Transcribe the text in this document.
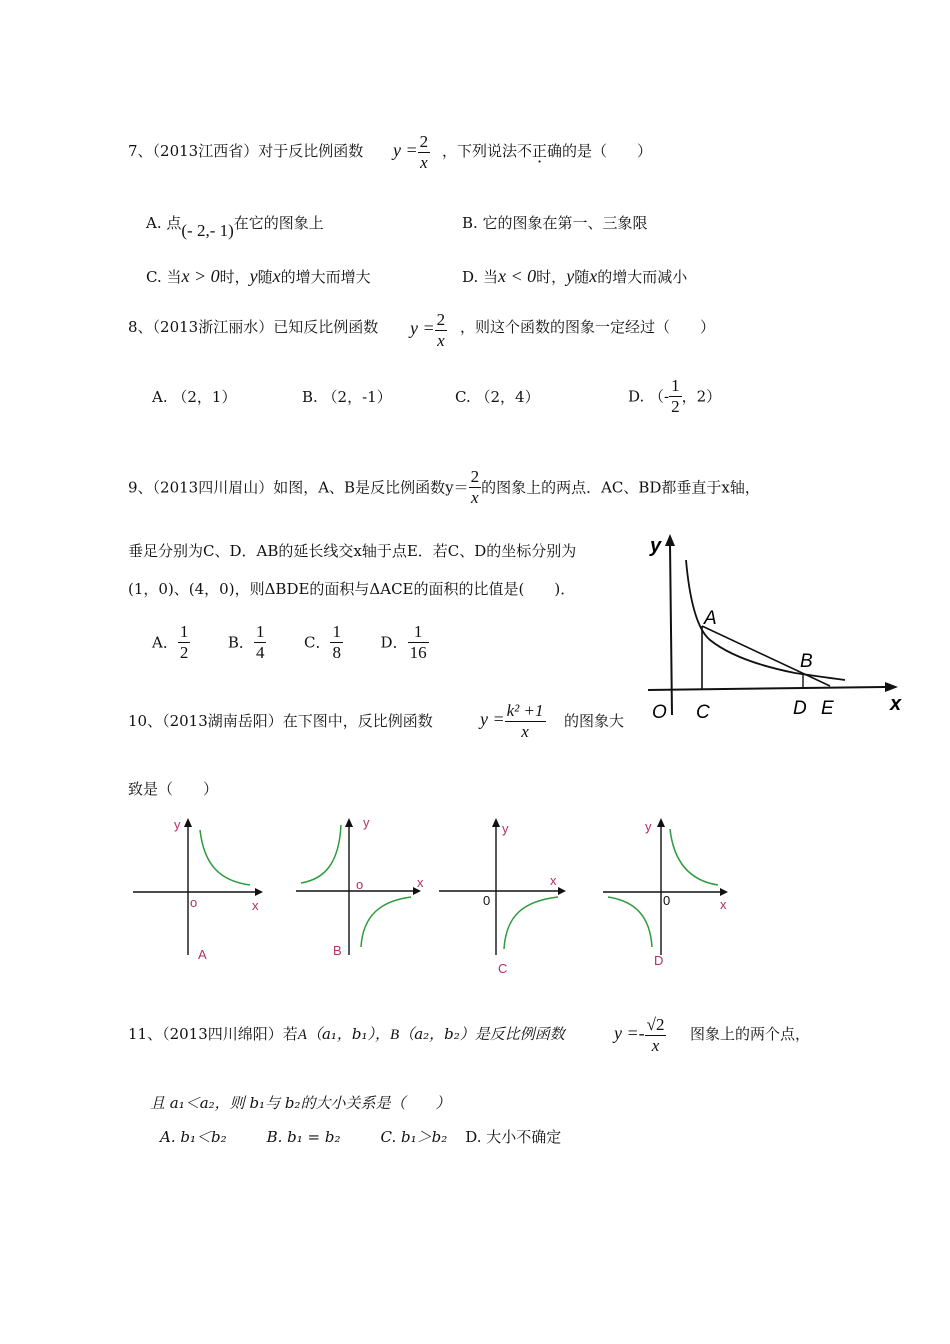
7、（2013江西省）对于反比例函数 $y = \frac{2}{x}$ ，下列说法不正确的是（　　）
A. 点(- 2,- 1)在它的图象上	B. 它的图象在第一、三象限
C. 当x > 0时，y随x的增大而增大	D. 当x < 0时，y随x的增大而减小
8、（2013浙江丽水）已知反比例函数 $y = \frac{2}{x}$ ，则这个函数的图象一定经过（　　）
A. （2，1）	B. （2，-1）	C. （2，4）	D. （- $\frac{1}{2}$ ，2）
9、（2013四川眉山）如图，A、B是反比例函数$y= \frac{2}{x}$ 的图象上的两点．AC、BD都垂直于x轴，
垂足分别为C、D．AB的延长线交x轴于点E．若C、D的坐标分别为
(1，0)、(4，0)，则ΔBDE的面积与ΔACE的面积的比值是(　　)．
A． $\frac{1}{2}$	B． $\frac{1}{4}$	C． $\frac{1}{8}$	D． $\frac{1}{16}$
y
A
B
O C	D E	x
10、（2013湖南岳阳）在下图中，反比例函数	$y = \frac{\text{k² +1}}{x}$ 的图象大
致是（　　）
y
o	x
A
y
o	x
B
y
0
x
C
y
0	x
D
11、（2013四川绵阳）若A（a₁，b₁），B（a₂，b₂）是反比例函数	$y =- \frac{√2}{x}$ 图象上的两个点，
且 a₁＜a₂，则 b₁与 b₂的大小关系是（　　）
A. b₁＜b₂	B. b₁ = b₂	C. b₁＞b₂ D. 大小不确定
